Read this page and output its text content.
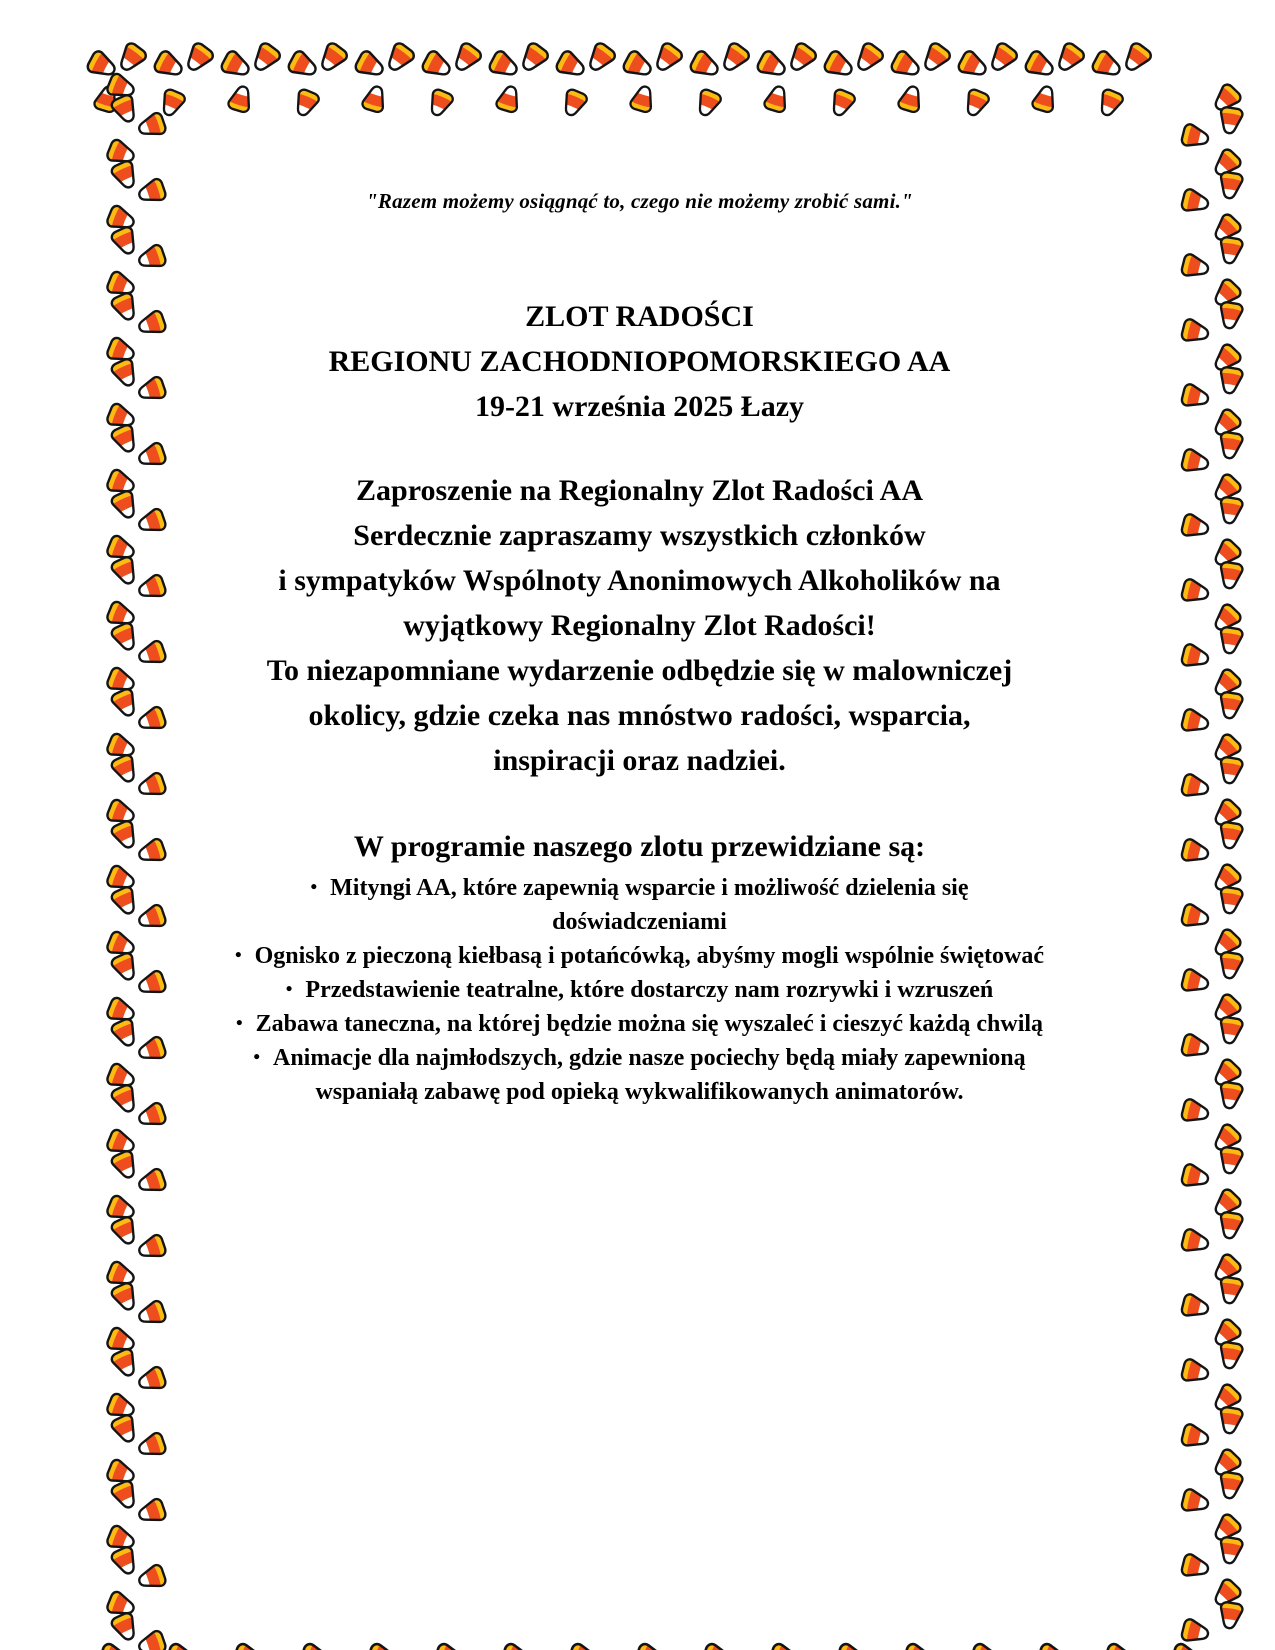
"Razem możemy osiągnąć to, czego nie możemy zrobić sami."

ZLOT RADOŚCI
REGIONU ZACHODNIOPOMORSKIEGO AA
19-21 września 2025 Łazy
Zaproszenie na Regionalny Zlot Radości AA
Serdecznie zapraszamy wszystkich członków
i sympatyków Wspólnoty Anonimowych Alkoholików na
wyjątkowy Regionalny Zlot Radości!
To niezapomniane wydarzenie odbędzie się w malowniczej
okolicy, gdzie czeka nas mnóstwo radości, wsparcia,
inspiracji oraz nadziei.
W programie naszego zlotu przewidziane są:
• Mityngi AA, które zapewnią wsparcie i możliwość dzielenia się doświadczeniami
• Ognisko z pieczoną kiełbasą i potańcówką, abyśmy mogli wspólnie świętować
• Przedstawienie teatralne, które dostarczy nam rozrywki i wzruszeń
• Zabawa taneczna, na której będzie można się wyszaleć i cieszyć każdą chwilą
• Animacje dla najmłodszych, gdzie nasze pociechy będą miały zapewnioną wspaniałą zabawę pod opieką wykwalifikowanych animatorów.
